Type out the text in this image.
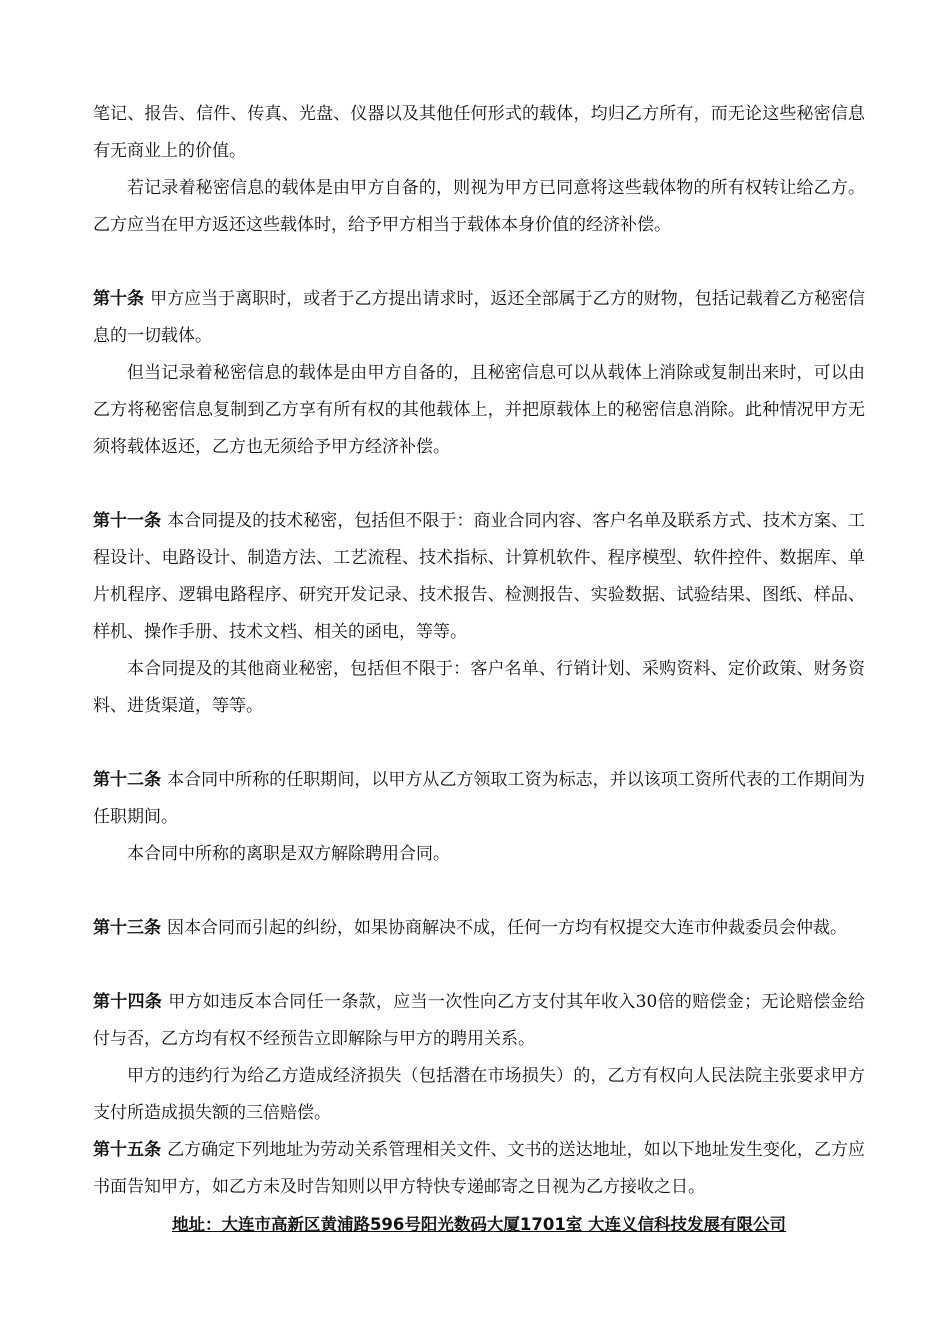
笔记、报告、信件、传真、光盘、仪器以及其他任何形式的载体，均归乙方所有，而无论这些秘密信息有无商业上的价值。

若记录着秘密信息的载体是由甲方自备的，则视为甲方已同意将这些载体物的所有权转让给乙方。乙方应当在甲方返还这些载体时，给予甲方相当于载体本身价值的经济补偿。

第十条 甲方应当于离职时，或者于乙方提出请求时，返还全部属于乙方的财物，包括记载着乙方秘密信息的一切载体。

但当记录着秘密信息的载体是由甲方自备的，且秘密信息可以从载体上消除或复制出来时，可以由乙方将秘密信息复制到乙方享有所有权的其他载体上，并把原载体上的秘密信息消除。此种情况甲方无须将载体返还，乙方也无须给予甲方经济补偿。

第十一条 本合同提及的技术秘密，包括但不限于：商业合同内容、客户名单及联系方式、技术方案、工程设计、电路设计、制造方法、工艺流程、技术指标、计算机软件、程序模型、软件控件、数据库、单片机程序、逻辑电路程序、研究开发记录、技术报告、检测报告、实验数据、试验结果、图纸、样品、样机、操作手册、技术文档、相关的函电，等等。

本合同提及的其他商业秘密，包括但不限于：客户名单、行销计划、采购资料、定价政策、财务资料、进货渠道，等等。

第十二条 本合同中所称的任职期间，以甲方从乙方领取工资为标志，并以该项工资所代表的工作期间为任职期间。

本合同中所称的离职是双方解除聘用合同。

第十三条 因本合同而引起的纠纷，如果协商解决不成，任何一方均有权提交大连市仲裁委员会仲裁。

第十四条 甲方如违反本合同任一条款，应当一次性向乙方支付其年收入30倍的赔偿金；无论赔偿金给付与否，乙方均有权不经预告立即解除与甲方的聘用关系。

甲方的违约行为给乙方造成经济损失（包括潜在市场损失）的，乙方有权向人民法院主张要求甲方支付所造成损失额的三倍赔偿。

第十五条 乙方确定下列地址为劳动关系管理相关文件、文书的送达地址，如以下地址发生变化，乙方应书面告知甲方，如乙方未及时告知则以甲方特快专递邮寄之日视为乙方接收之日。

地址：大连市高新区黄浦路596号阳光数码大厦1701室 大连义信科技发展有限公司
